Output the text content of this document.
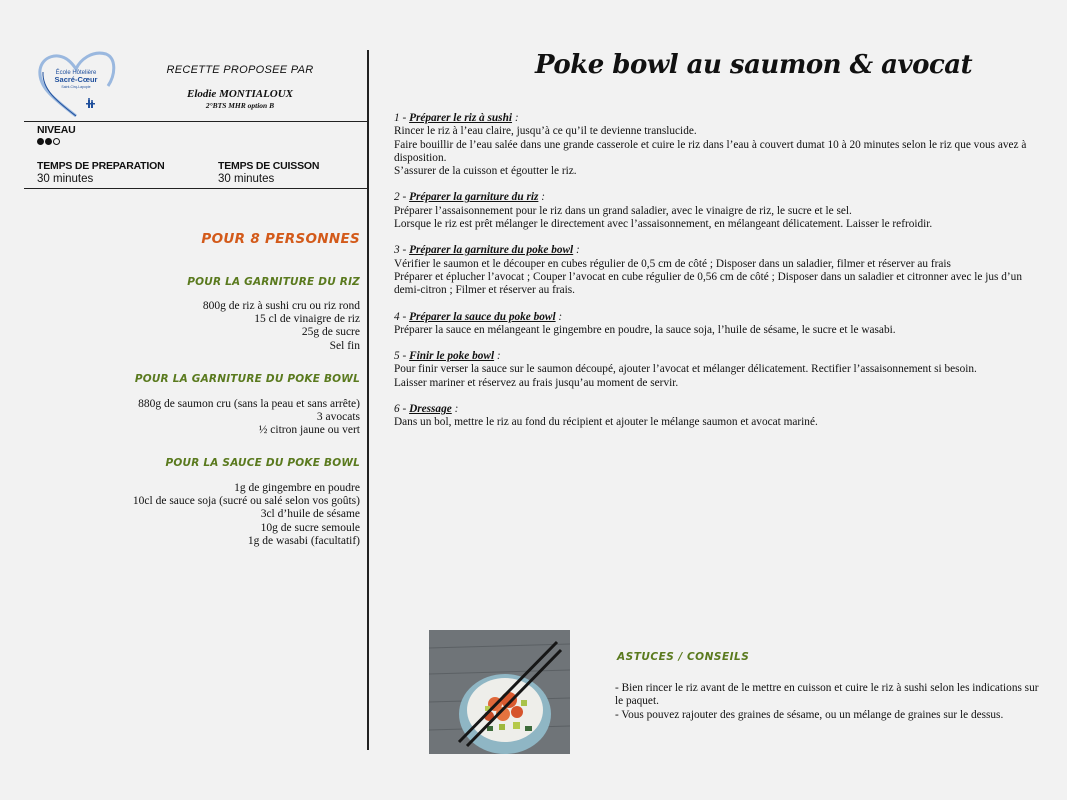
École Hôtelière
Sacré-Cœur
Saint-Cirq-Lapopie
RECETTE PROPOSEE PAR
Elodie MONTIALOUX
2°BTS MHR option B
NIVEAU
TEMPS DE PREPARATION
30 minutes
TEMPS DE CUISSON
30 minutes
POUR 8 PERSONNES
POUR LA GARNITURE DU RIZ
800g de riz à sushi cru ou riz rond
15 cl de vinaigre de riz
25g de sucre
Sel fin
POUR LA GARNITURE DU POKE BOWL
880g de saumon cru (sans la peau et sans arrête)
3 avocats
½ citron jaune ou vert
POUR LA SAUCE DU POKE BOWL
1g de gingembre en poudre
10cl de sauce soja (sucré ou salé selon vos goûts)
3cl d’huile de sésame
10g de sucre semoule
1g de wasabi (facultatif)
Poke bowl au saumon & avocat
1 - Préparer le riz à sushi :

Rincer le riz à l’eau claire, jusqu’à ce qu’il te devienne translucide.

Faire bouillir de l’eau salée dans une grande casserole et cuire le riz dans l’eau à couvert dumat 10 à 20 minutes selon le riz que vous avez à disposition.

S’assurer de la cuisson et égoutter le riz.

2 - Préparer la garniture du riz :

Préparer l’assaisonnement pour le riz dans un grand saladier, avec le vinaigre de riz, le sucre et le sel.

Lorsque le riz est prêt mélanger le directement avec l’assaisonnement, en mélangeant délicatement. Laisser le refroidir.

3 - Préparer la garniture du poke bowl :

Vérifier le saumon et le découper en cubes régulier de 0,5 cm de côté ; Disposer dans un saladier, filmer et réserver au frais

Préparer et éplucher l’avocat ; Couper l’avocat en cube régulier de 0,56 cm de côté ; Disposer dans un saladier et citronner avec le jus d’un demi-citron ; Filmer et réserver au frais.

4 - Préparer la sauce du poke bowl :

Préparer la sauce en mélangeant le gingembre en poudre, la sauce soja, l’huile de sésame, le sucre et le wasabi.

5 - Finir le poke bowl :

Pour finir verser la sauce sur le saumon découpé, ajouter l’avocat et mélanger délicatement. Rectifier l’assaisonnement si besoin.

Laisser mariner et réservez au frais jusqu’au moment de servir.

6 - Dressage :

Dans un bol, mettre le riz au fond du récipient et ajouter le mélange saumon et avocat mariné.

ASTUCES / CONSEILS

- Bien rincer le riz avant de le mettre en cuisson et cuire le riz à sushi selon les indications sur le paquet.

- Vous pouvez rajouter des graines de sésame, ou un mélange de graines sur le dessus.
